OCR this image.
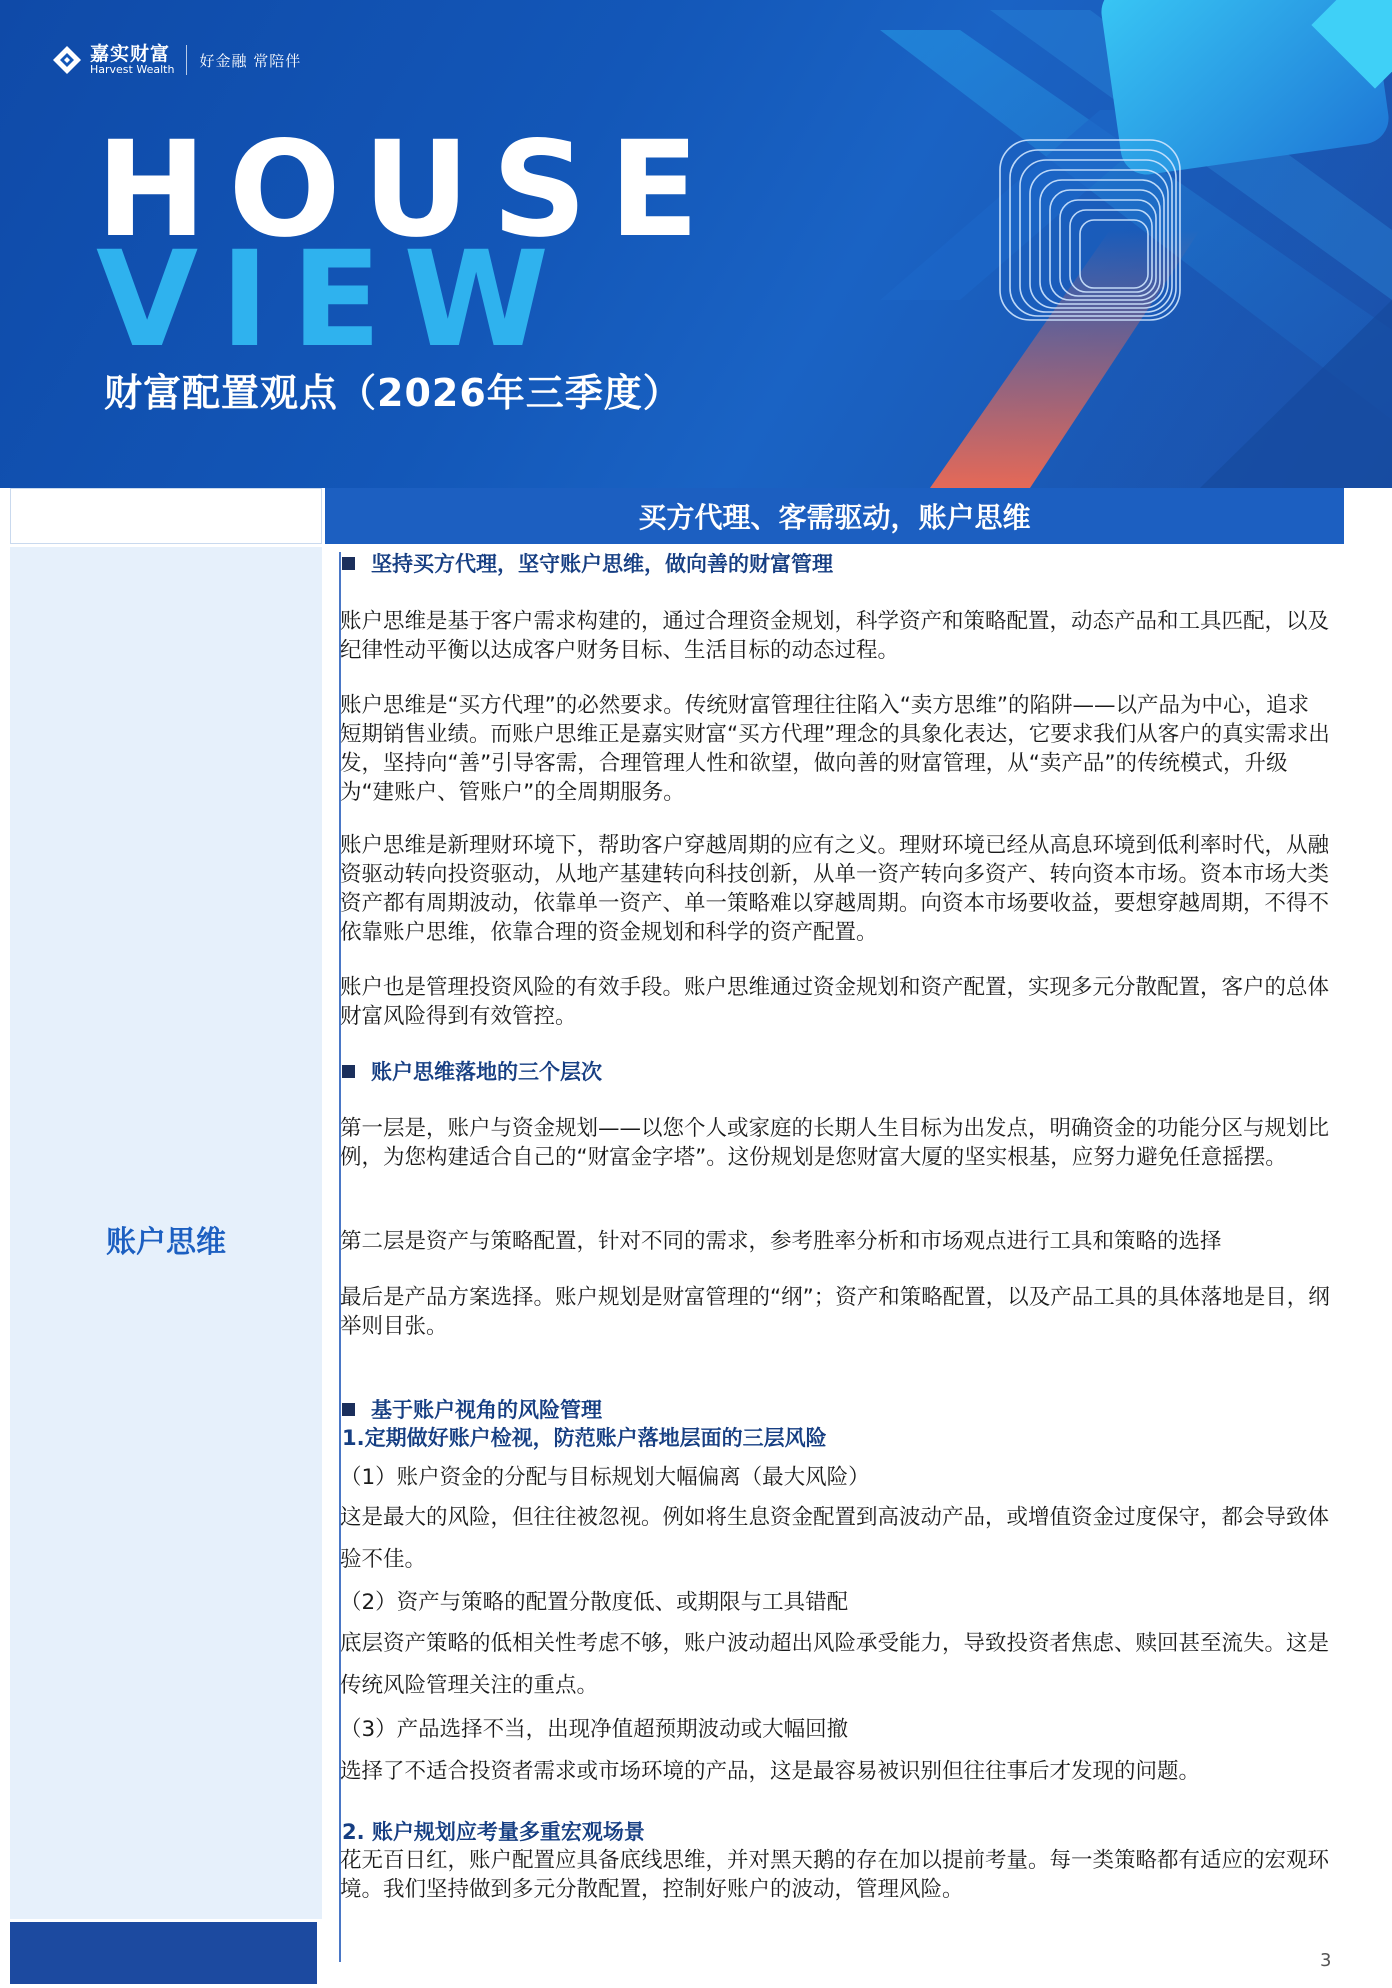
嘉实财富
Harvest Wealth 好金融 常陪伴
HOUSE
VIEW
财富配置观点（2026年三季度）
买方代理、客需驱动，账户思维
账户思维

坚持买方代理，坚守账户思维，做向善的财富管理

账户思维是基于客户需求构建的，通过合理资金规划，科学资产和策略配置，动态产品和工具匹配，以及纪律性动平衡以达成客户财务目标、生活目标的动态过程。

账户思维是“买方代理”的必然要求。传统财富管理往往陷入“卖方思维”的陷阱——以产品为中心，追求短期销售业绩。而账户思维正是嘉实财富“买方代理”理念的具象化表达，它要求我们从客户的真实需求出发，坚持向“善”引导客需，合理管理人性和欲望，做向善的财富管理，从“卖产品”的传统模式，升级为“建账户、管账户”的全周期服务。

账户思维是新理财环境下，帮助客户穿越周期的应有之义。理财环境已经从高息环境到低利率时代，从融资驱动转向投资驱动，从地产基建转向科技创新，从单一资产转向多资产、转向资本市场。资本市场大类资产都有周期波动，依靠单一资产、单一策略难以穿越周期。向资本市场要收益，要想穿越周期，不得不依靠账户思维，依靠合理的资金规划和科学的资产配置。

账户也是管理投资风险的有效手段。账户思维通过资金规划和资产配置，实现多元分散配置，客户的总体财富风险得到有效管控。

账户思维落地的三个层次

第一层是，账户与资金规划——以您个人或家庭的长期人生目标为出发点，明确资金的功能分区与规划比例，为您构建适合自己的“财富金字塔”。这份规划是您财富大厦的坚实根基，应努力避免任意摇摆。

第二层是资产与策略配置，针对不同的需求，参考胜率分析和市场观点进行工具和策略的选择

最后是产品方案选择。账户规划是财富管理的“纲”；资产和策略配置，以及产品工具的具体落地是目，纲举则目张。

基于账户视角的风险管理

1.定期做好账户检视，防范账户落地层面的三层风险

（1）账户资金的分配与目标规划大幅偏离（最大风险）

这是最大的风险，但往往被忽视。例如将生息资金配置到高波动产品，或增值资金过度保守，都会导致体验不佳。

（2）资产与策略的配置分散度低、或期限与工具错配

底层资产策略的低相关性考虑不够，账户波动超出风险承受能力，导致投资者焦虑、赎回甚至流失。这是传统风险管理关注的重点。

（3）产品选择不当，出现净值超预期波动或大幅回撤

选择了不适合投资者需求或市场环境的产品，这是最容易被识别但往往事后才发现的问题。

2. 账户规划应考量多重宏观场景

花无百日红，账户配置应具备底线思维，并对黑天鹅的存在加以提前考量。每一类策略都有适应的宏观环境。我们坚持做到多元分散配置，控制好账户的波动，管理风险。

3
